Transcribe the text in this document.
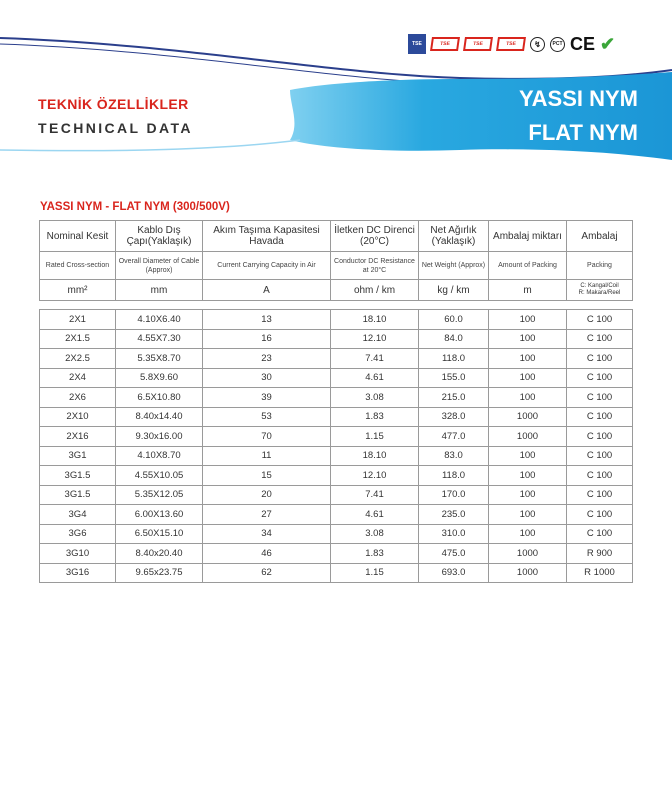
TSE	TSE	TSE	TSE	↯	PCT CE ✔
TEKNİK ÖZELLİKLER
TECHNICAL DATA
YASSI NYM
FLAT NYM
YASSI NYM - FLAT NYM (300/500V)
Nominal Kesit	Kablo Dış Çapı(Yaklaşık)	Akım Taşıma Kapasitesi Havada	İletken DC Direnci (20°C)	Net Ağırlık (Yaklaşık)	Ambalaj miktarı	Ambalaj
Rated Cross-section	Overall Diameter of Cable (Approx)	Current Carrying Capacity in Air	Conductor DC Resistance at 20°C	Net Weight (Approx)	Amount of Packing	Packing
mm²	mm	A	ohm / km	kg / km	m	C: Kangal/Coil
R: Makara/Reel

2X1	4.10X6.40	13	18.10	60.0	100	C 100
2X1.5	4.55X7.30	16	12.10	84.0	100	C 100
2X2.5	5.35X8.70	23	7.41	118.0	100	C 100
2X4	5.8X9.60	30	4.61	155.0	100	C 100
2X6	6.5X10.80	39	3.08	215.0	100	C 100
2X10	8.40x14.40	53	1.83	328.0	1000	C 100
2X16	9.30x16.00	70	1.15	477.0	1000	C 100
3G1	4.10X8.70	11	18.10	83.0	100	C 100
3G1.5	4.55X10.05	15	12.10	118.0	100	C 100
3G1.5	5.35X12.05	20	7.41	170.0	100	C 100
3G4	6.00X13.60	27	4.61	235.0	100	C 100
3G6	6.50X15.10	34	3.08	310.0	100	C 100
3G10	8.40x20.40	46	1.83	475.0	1000	R 900
3G16	9.65x23.75	62	1.15	693.0	1000	R 1000
